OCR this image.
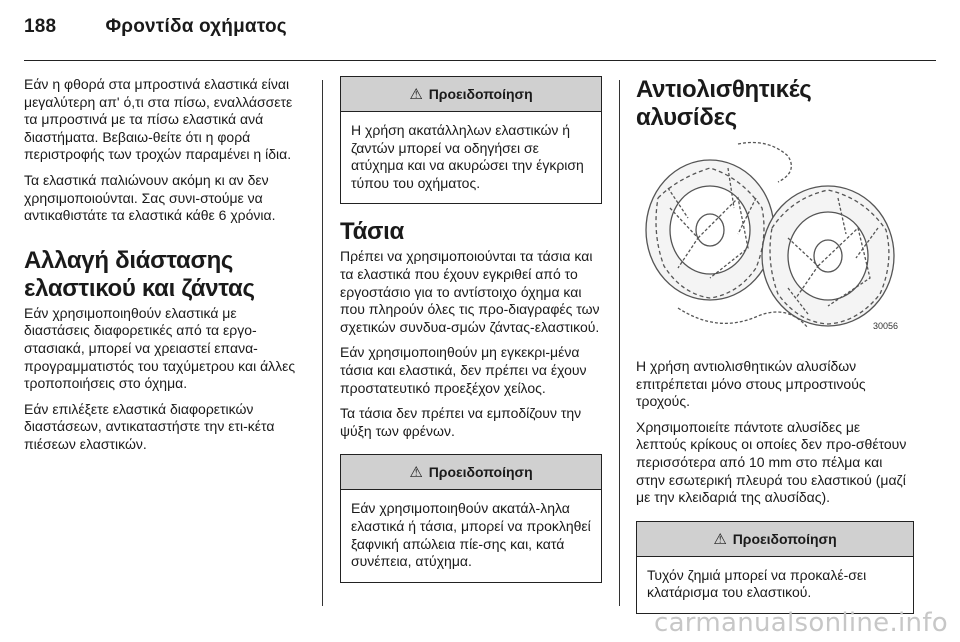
188	Φροντίδα οχήματος

Εάν η φθορά στα μπροστινά ελαστικά είναι μεγαλύτερη απ' ό,τι στα πίσω, εναλλάσσετε τα μπροστινά με τα πίσω ελαστικά ανά διαστήματα. Βεβαιω-θείτε ότι η φορά περιστροφής των τροχών παραμένει η ίδια.

Τα ελαστικά παλιώνουν ακόμη κι αν δεν χρησιμοποιούνται. Σας συνι-στούμε να αντικαθιστάτε τα ελαστικά κάθε 6 χρόνια.

Αλλαγή διάστασης
ελαστικού και ζάντας

Εάν χρησιμοποιηθούν ελαστικά με διαστάσεις διαφορετικές από τα εργο-στασιακά, μπορεί να χρειαστεί επανα-προγραμματιστός του ταχύμετρου και άλλες τροποποιήσεις στο όχημα.

Εάν επιλέξετε ελαστικά διαφορετικών διαστάσεων, αντικαταστήστε την ετι-κέτα πιέσεων ελαστικών.

⚠ Προειδοποίηση
Η χρήση ακατάλληλων ελαστικών ή ζαντών μπορεί να οδηγήσει σε ατύχημα και να ακυρώσει την έγκριση τύπου του οχήματος.
Τάσια

Πρέπει να χρησιμοποιούνται τα τάσια και τα ελαστικά που έχουν εγκριθεί από το εργοστάσιο για το αντίστοιχο όχημα και που πληρούν όλες τις προ-διαγραφές των σχετικών συνδυα-σμών ζάντας-ελαστικού.

Εάν χρησιμοποιηθούν μη εγκεκρι-μένα τάσια και ελαστικά, δεν πρέπει να έχουν προστατευτικό προεξέχον χείλος.

Τα τάσια δεν πρέπει να εμποδίζουν την ψύξη των φρένων.

⚠ Προειδοποίηση
Εάν χρησιμοποιηθούν ακατάλ-ληλα ελαστικά ή τάσια, μπορεί να προκληθεί ξαφνική απώλεια πίε-σης και, κατά συνέπεια, ατύχημα.
Αντιολισθητικές αλυσίδες
30056

Η χρήση αντιολισθητικών αλυσίδων επιτρέπεται μόνο στους μπροστινούς τροχούς.

Χρησιμοποιείτε πάντοτε αλυσίδες με λεπτούς κρίκους οι οποίες δεν προ-σθέτουν περισσότερα από 10 mm στο πέλμα και στην εσωτερική πλευρά του ελαστικού (μαζί με την κλειδαριά της αλυσίδας).

⚠ Προειδοποίηση
Τυχόν ζημιά μπορεί να προκαλέ-σει κλατάρισμα του ελαστικού.
carmanualsonline.info
